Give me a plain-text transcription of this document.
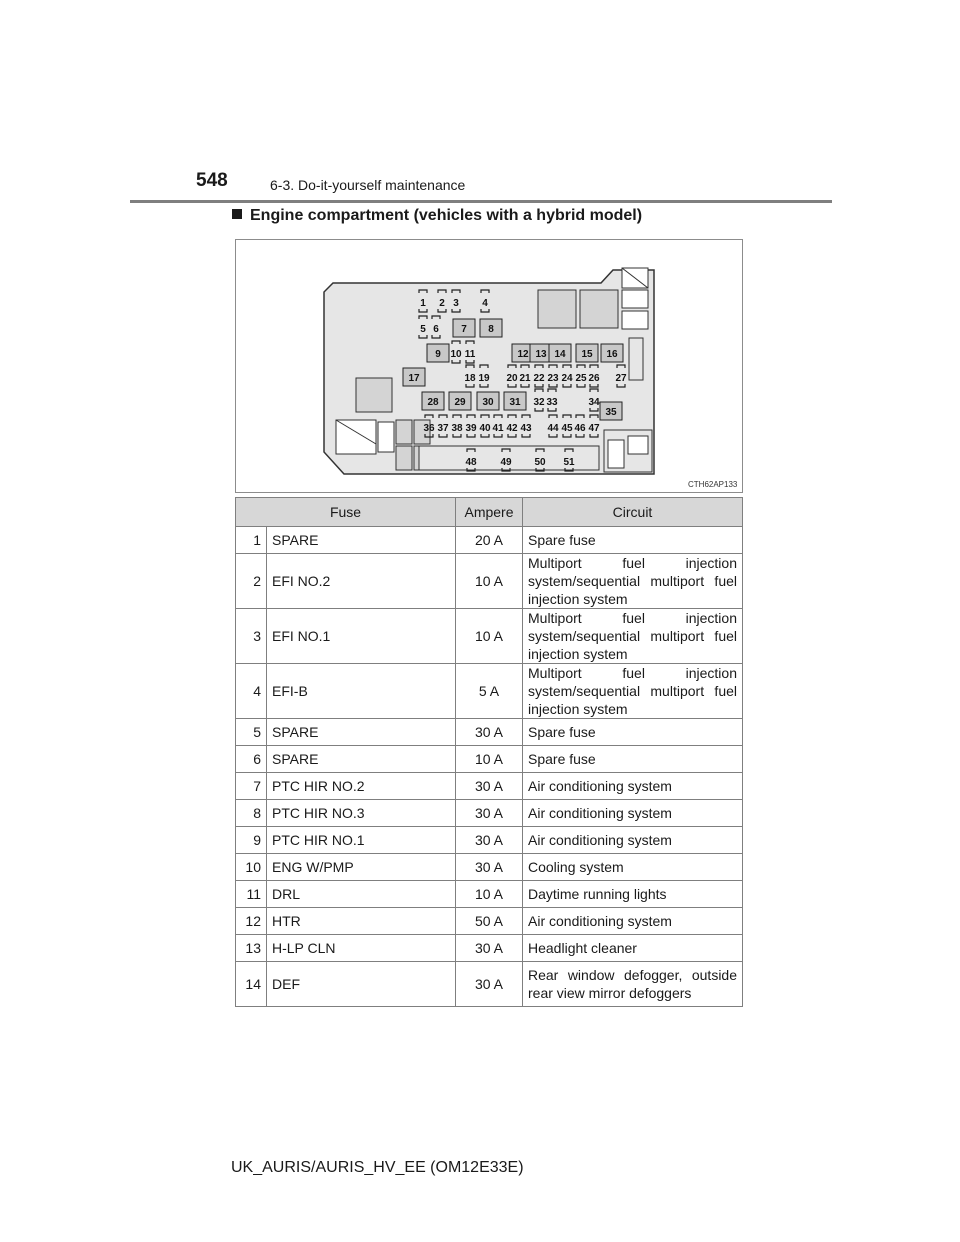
548	6-3. Do-it-yourself maintenance
Engine compartment (vehicles with a hybrid model)
1 2 3 4
5 6 7 8
9 10 11	12 13 14 15 16
17	18 19 20 21 22 23 24 25 26 27
28 29 30 31 32 33	34
35
36 37 38 39 40 41 42 43 44 45 46 47
48 49 50 51
CTH62AP133
Fuse		Ampere	Circuit
1	SPARE	20 A	Spare fuse
2	EFI NO.2	10 A	Multiport fuel injection system/sequential multiport fuel injection system
3	EFI NO.1	10 A	Multiport fuel injection system/sequential multiport fuel injection system
4	EFI-B	5 A	Multiport fuel injection system/sequential multiport fuel injection system
5	SPARE	30 A	Spare fuse
6	SPARE	10 A	Spare fuse
7	PTC HIR NO.2	30 A	Air conditioning system
8	PTC HIR NO.3	30 A	Air conditioning system
9	PTC HIR NO.1	30 A	Air conditioning system
10	ENG W/PMP	30 A	Cooling system
11	DRL	10 A	Daytime running lights
12	HTR	50 A	Air conditioning system
13	H-LP CLN	30 A	Headlight cleaner
14	DEF	30 A	Rear window defogger, outside rear view mirror defoggers
UK_AURIS/AURIS_HV_EE (OM12E33E)
